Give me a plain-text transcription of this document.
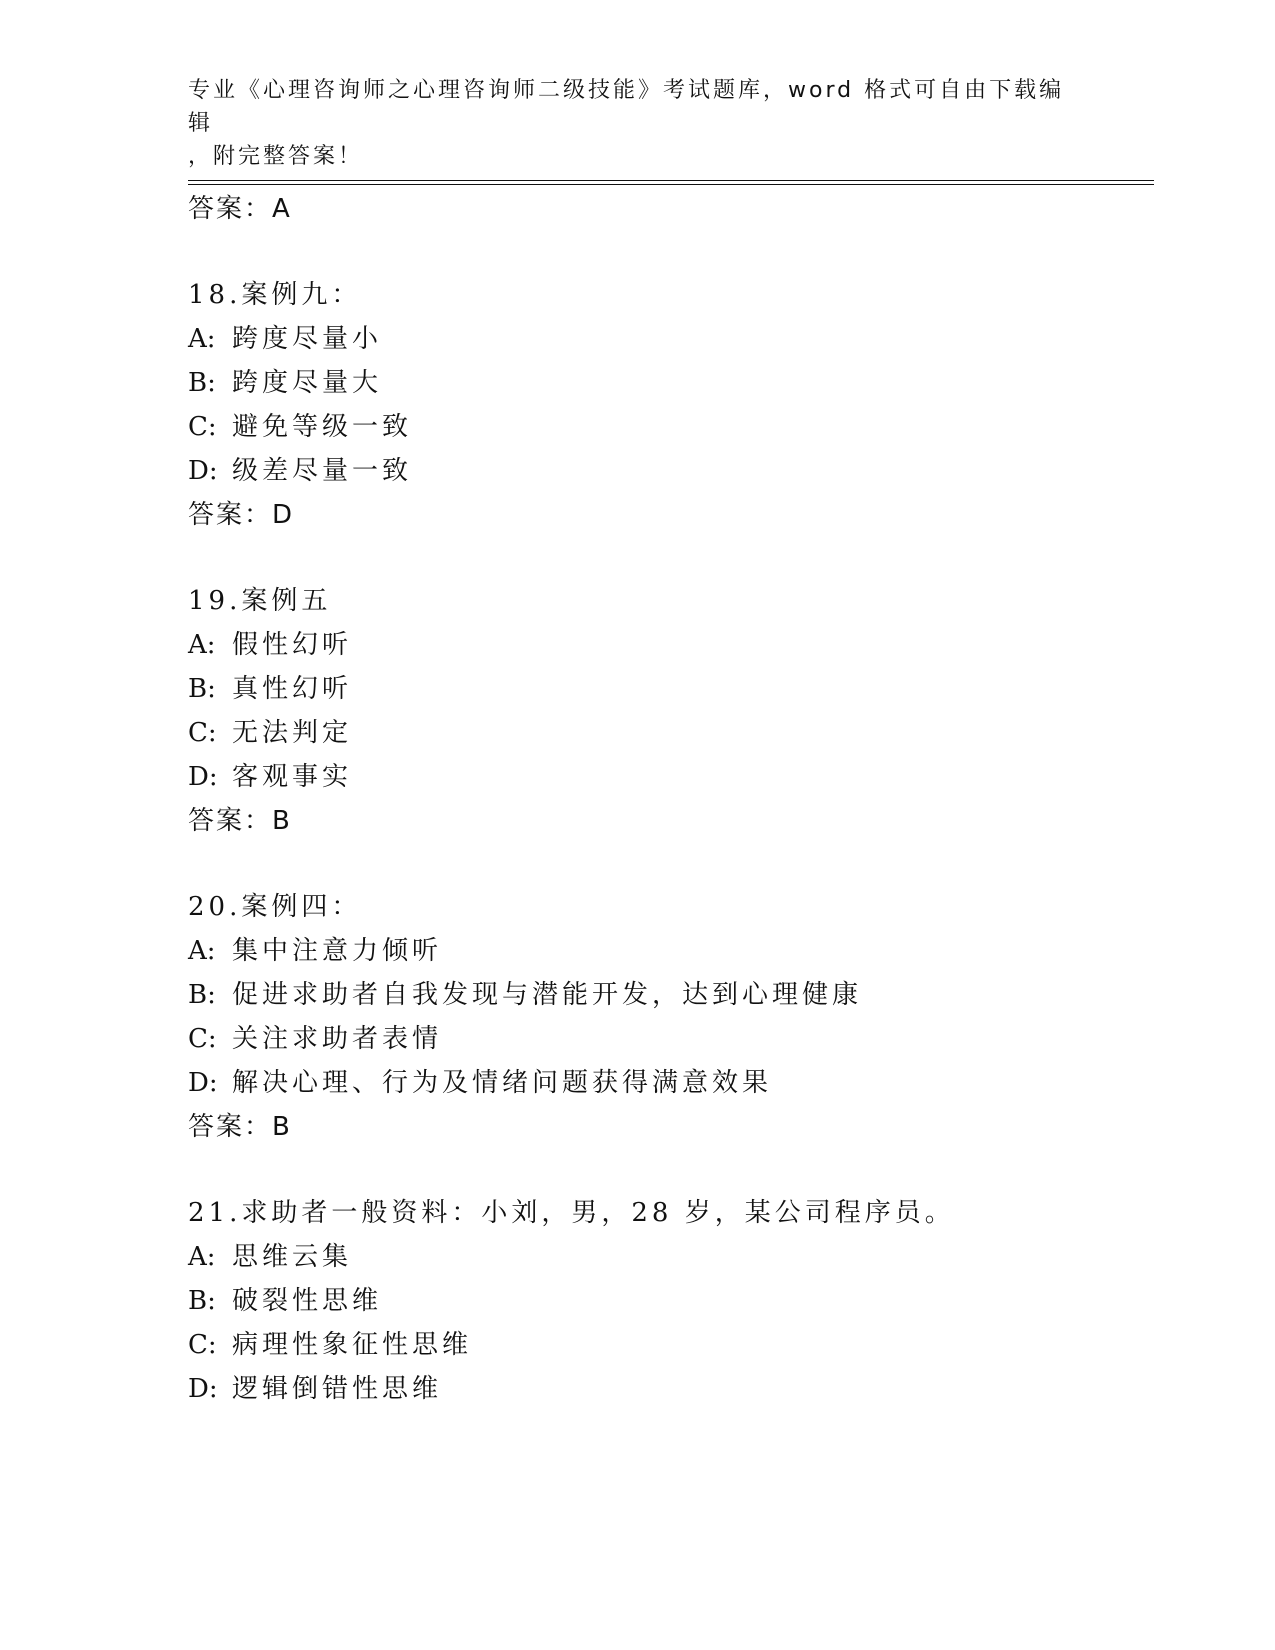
专业《心理咨询师之心理咨询师二级技能》考试题库，word 格式可自由下载编辑
，附完整答案！
答案：A
18.案例九：
A: 跨度尽量小
B: 跨度尽量大
C: 避免等级一致
D: 级差尽量一致
答案：D
19.案例五
A: 假性幻听
B: 真性幻听
C: 无法判定
D: 客观事实
答案：B
20.案例四：
A: 集中注意力倾听
B: 促进求助者自我发现与潜能开发，达到心理健康
C: 关注求助者表情
D: 解决心理、行为及情绪问题获得满意效果
答案：B
21.求助者一般资料：小刘，男，28 岁，某公司程序员。
A: 思维云集
B: 破裂性思维
C: 病理性象征性思维
D: 逻辑倒错性思维
